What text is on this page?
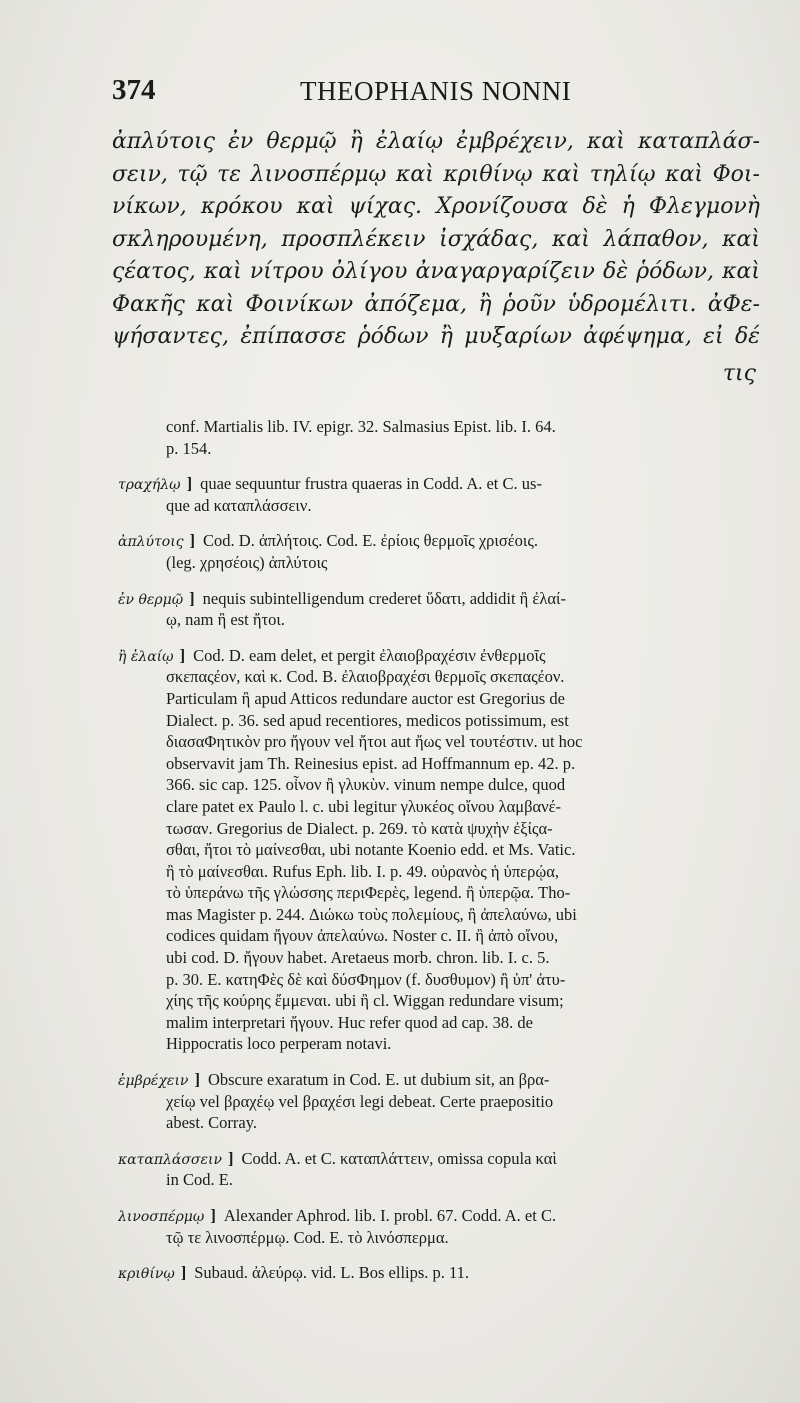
374	THEOPHANIS NONNI
ἀπλύτοις ἐν θερμῷ ἢ ἐλαίῳ ἐμβρέχειν, καὶ καταπλάσ-
σειν, τῷ τε λινοσπέρμῳ καὶ κριθίνῳ καὶ τηλίῳ καὶ Φοι-
νίκων, κρόκου καὶ ψίχας. Χρονίζουσα δὲ ἡ Φλεγμονὴ
σκληρουμένη, προσπλέκειν ἰσχάδας, καὶ λάπαθον, καὶ
ςέατος, καὶ νίτρου ὀλίγου ἀναγαργαρίζειν δὲ ῥόδων, καὶ
Φακῆς καὶ Φοινίκων ἀπόζεμα, ἢ ῥοῦν ὑδρομέλιτι. ἀΦε-
ψήσαντες, ἐπίπασσε ῥόδων ἢ μυξαρίων ἀφέψημα, εἰ δέ
τις
conf. Martialis lib. IV. epigr. 32. Salmasius Epist. lib. I. 64.
p. 154.
τραχήλῳ ] quae sequuntur frustra quaeras in Codd. A. et C. us-
que ad καταπλάσσειν.
ἀπλύτοις ] Cod. D. ἀπλήτοις. Cod. E. ἐρίοις θερμοῖς χρισέοις.
(leg. χρησέοις) ἀπλύτοις
ἐν θερμῷ ] nequis subintelligendum crederet ὕδατι, addidit ἢ ἐλαί-
ῳ, nam ἢ est ἤτοι.
ἢ ἐλαίῳ ] Cod. D. eam delet, et pergit ἐλαιοβραχέσιν ἐνθερμοῖς
σκεπαςέον, καὶ κ. Cod. B. ἐλαιοβραχέσι θερμοῖς σκεπαςέον.
Particulam ἢ apud Atticos redundare auctor est Gregorius de
Dialect. p. 36. sed apud recentiores, medicos potissimum, est
διασαΦητικὸν pro ἤγουν vel ἤτοι aut ἤως vel τουτέστιν. ut hoc
observavit jam Th. Reinesius epist. ad Hoffmannum ep. 42. p.
366. sic cap. 125. οἶνον ἢ γλυκὺν. vinum nempe dulce, quod
clare patet ex Paulo l. c. ubi legitur γλυκέος οἴνου λαμβανέ-
τωσαν. Gregorius de Dialect. p. 269. τὸ κατὰ ψυχὴν ἐξίςα-
σθαι, ἤτοι τὸ μαίνεσθαι, ubi notante Koenio edd. et Ms. Vatic.
ἢ τὸ μαίνεσθαι. Rufus Eph. lib. I. p. 49. οὐρανὸς ἡ ὑπερῴα,
τὸ ὑπεράνω τῆς γλώσσης περιΦερὲς, legend. ἢ ὑπερῷα. Tho-
mas Magister p. 244. Διώκω τοὺς πολεμίους, ἢ ἀπελαύνω, ubi
codices quidam ἤγουν ἀπελαύνω. Noster c. II. ἢ ἀπὸ οἴνου,
ubi cod. D. ἤγουν habet. Aretaeus morb. chron. lib. I. c. 5.
p. 30. E. κατηΦὲς δὲ καὶ δύσΦημον (f. δυσθυμον) ἢ ὑπ' ἀτυ-
χίης τῆς κούρης ἔμμεναι. ubi ἢ cl. Wiggan redundare visum;
malim interpretari ἤγουν. Huc refer quod ad cap. 38. de
Hippocratis loco perperam notavi.
ἐμβρέχειν ] Obscure exaratum in Cod. E. ut dubium sit, an βρα-
χείῳ vel βραχέῳ vel βραχέσι legi debeat. Certe praepositio
abest. Corray.
καταπλάσσειν ] Codd. A. et C. καταπλάττειν, omissa copula καὶ
in Cod. E.
λινοσπέρμῳ ] Alexander Aphrod. lib. I. probl. 67. Codd. A. et C.
τῷ τε λινοσπέρμῳ. Cod. E. τὸ λινόσπερμα.
κριθίνῳ ] Subaud. ἀλεύρῳ. vid. L. Bos ellips. p. 11.
